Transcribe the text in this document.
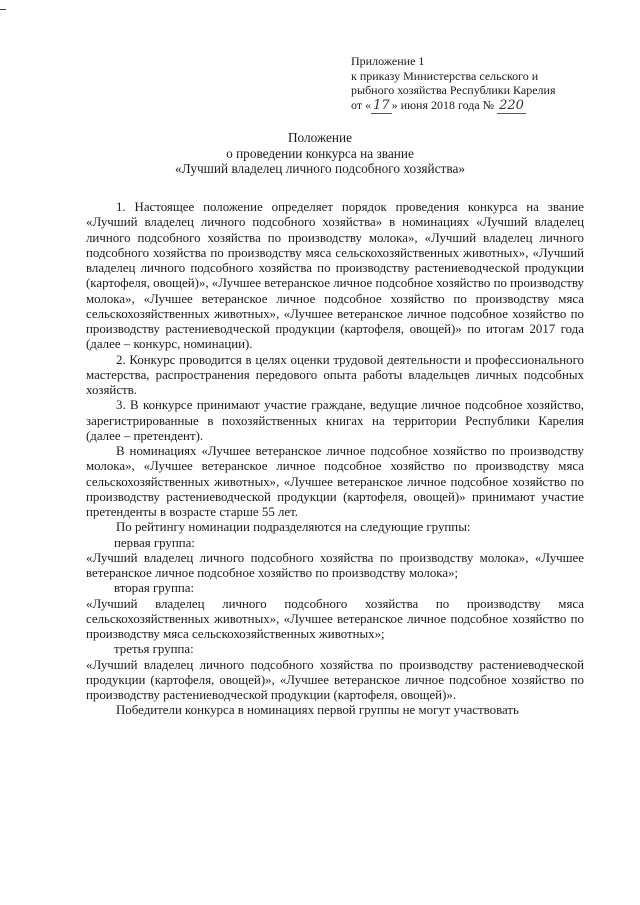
Приложение 1
к приказу Министерства сельского и
рыбного хозяйства Республики Карелия
от « 17 » июня 2018 года № 220
Положение
о проведении конкурса на звание
«Лучший владелец личного подсобного хозяйства»

1. Настоящее положение определяет порядок проведения конкурса на звание «Лучший владелец личного подсобного хозяйства» в номинациях «Лучший владелец личного подсобного хозяйства по производству молока», «Лучший владелец личного подсобного хозяйства по производству мяса сельскохозяйственных животных», «Лучший владелец личного подсобного хозяйства по производству растениеводческой продукции (картофеля, овощей)», «Лучшее ветеранское личное подсобное хозяйство по производству молока», «Лучшее ветеранское личное подсобное хозяйство по производству мяса сельскохозяйственных животных», «Лучшее ветеранское личное подсобное хозяйство по производству растениеводческой продукции (картофеля, овощей)» по итогам 2017 года (далее – конкурс, номинации).

2. Конкурс проводится в целях оценки трудовой деятельности и профессионального мастерства, распространения передового опыта работы владельцев личных подсобных хозяйств.

3. В конкурсе принимают участие граждане, ведущие личное подсобное хозяйство, зарегистрированные в похозяйственных книгах на территории Республики Карелия (далее – претендент).

В номинациях «Лучшее ветеранское личное подсобное хозяйство по производству молока», «Лучшее ветеранское личное подсобное хозяйство по производству мяса сельскохозяйственных животных», «Лучшее ветеранское личное подсобное хозяйство по производству растениеводческой продукции (картофеля, овощей)» принимают участие претенденты в возрасте старше 55 лет.

По рейтингу номинации подразделяются на следующие группы:

первая группа:

«Лучший владелец личного подсобного хозяйства по производству молока», «Лучшее ветеранское личное подсобное хозяйство по производству молока»;

вторая группа:

«Лучший владелец личного подсобного хозяйства по производству мяса сельскохозяйственных животных», «Лучшее ветеранское личное подсобное хозяйство по производству мяса сельскохозяйственных животных»;

третья группа:

«Лучший владелец личного подсобного хозяйства по производству растениеводческой продукции (картофеля, овощей)», «Лучшее ветеранское личное подсобное хозяйство по производству растениеводческой продукции (картофеля, овощей)».

Победители конкурса в номинациях первой группы не могут участвовать
